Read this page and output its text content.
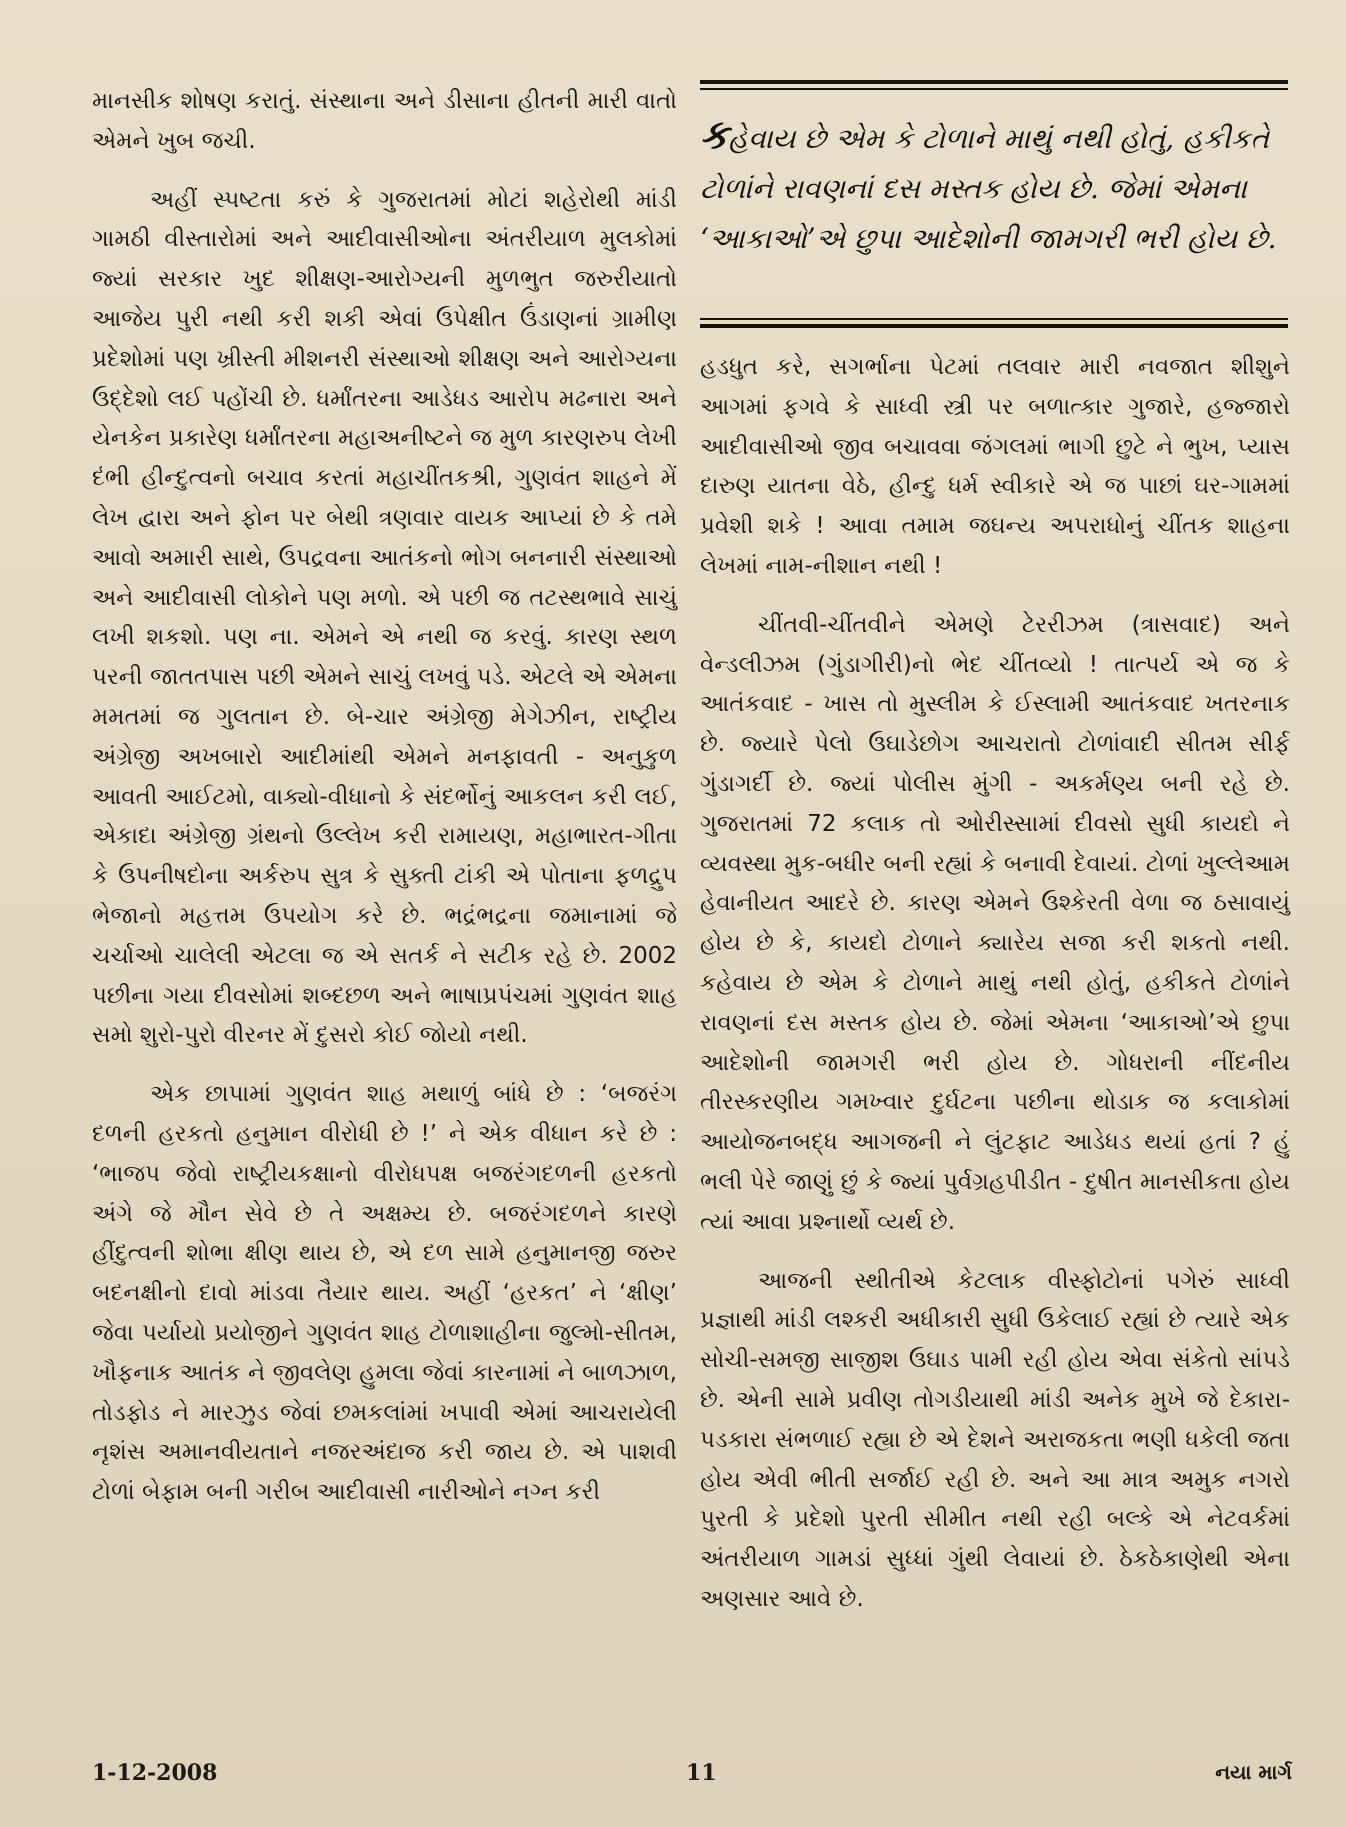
માનસીક શોષણ કરાતું. સંસ્થાના અને ડીસાના હીતની મારી વાતો એમને ખુબ જચી.

અહીં સ્પષ્ટતા કરું કે ગુજરાતમાં મોટાં શહેરોથી માંડી ગામઠી વીસ્તારોમાં અને આદીવાસીઓના અંતરીયાળ મુલકોમાં જ્યાં સરકાર ખુદ શીક્ષણ-આરોગ્યની મુળભુત જરુરીયાતો આજેય પુરી નથી કરી શકી એવાં ઉપેક્ષીત ઉંડાણનાં ગ્રામીણ પ્રદેશોમાં પણ ખ્રીસ્તી મીશનરી સંસ્થાઓ શીક્ષણ અને આરોગ્યના ઉદ્દેશો લઈ પહોંચી છે. ધર્માંતરના આડેધડ આરોપ મઢનારા અને યેનકેન પ્રકારેણ ધર્માંતરના મહાઅનીષ્ટને જ મુળ કારણરુપ લેખી દંભી હીન્દુત્વનો બચાવ કરતાં મહાચીંતકશ્રી, ગુણવંત શાહને મેં લેખ દ્વારા અને ફોન પર બેથી ત્રણવાર વાયક આપ્યાં છે કે તમે આવો અમારી સાથે, ઉપદ્રવના આતંકનો ભોગ બનનારી સંસ્થાઓ અને આદીવાસી લોકોને પણ મળો. એ પછી જ તટસ્થભાવે સાચું લખી શકશો. પણ ના. એમને એ નથી જ કરવું. કારણ સ્થળ પરની જાતતપાસ પછી એમને સાચું લખવું પડે. એટલે એ એમના મમતમાં જ ગુલતાન છે. બે-ચાર અંગ્રેજી મેગેઝીન, રાષ્ટ્રીય અંગ્રેજી અખબારો આદીમાંથી એમને મનફાવતી - અનુકુળ આવતી આઈટમો, વાક્યો-વીધાનો કે સંદર્ભોનું આકલન કરી લઈ, એકાદા અંગ્રેજી ગ્રંથનો ઉલ્લેખ કરી રામાયણ, મહાભારત-ગીતા કે ઉપનીષદોના અર્કરુપ સુત્ર કે સુક્તી ટાંકી એ પોતાના ફળદ્રુપ ભેજાનો મહત્તમ ઉપયોગ કરે છે. ભદ્રંભદ્રના જમાનામાં જે ચર્ચાઓ ચાલેલી એટલા જ એ સતર્ક ને સટીક રહે છે. 2002 પછીના ગયા દીવસોમાં શબ્દછળ અને ભાષાપ્રપંચમાં ગુણવંત શાહ સમો શુરો-પુરો વીરનર મેં દુસરો કોઈ જોયો નથી.

એક છાપામાં ગુણવંત શાહ મથાળું બાંધે છે : ‘બજરંગ દળની હરકતો હનુમાન વીરોધી છે !’ ને એક વીધાન કરે છે : ‘ભાજપ જેવો રાષ્ટ્રીયકક્ષાનો વીરોધપક્ષ બજરંગદળની હરકતો અંગે જે મૌન સેવે છે તે અક્ષમ્ય છે. બજરંગદળને કારણે હીંદુત્વની શોભા ક્ષીણ થાય છે, એ દળ સામે હનુમાનજી જરુર બદનક્ષીનો દાવો માંડવા તૈયાર થાય. અહીં ‘હરકત’ ને ‘ક્ષીણ’ જેવા પર્યાયો પ્રયોજીને ગુણવંત શાહ ટોળાશાહીના જુલ્મો-સીતમ, ખૌફનાક આતંક ને જીવલેણ હુમલા જેવાં કારનામાં ને બાળઝાળ, તોડફોડ ને મારઝુડ જેવાં છમકલાંમાં ખપાવી એમાં આચરાયેલી નૃશંસ અમાનવીયતાને નજરઅંદાજ કરી જાય છે. એ પાશવી ટોળાં બેફામ બની ગરીબ આદીવાસી નારીઓને નગ્ન કરી

કહેવાય છે એમ કે ટોળાને માથું નથી હોતું, હકીકતે ટોળાંને રાવણનાં દસ મસ્તક હોય છે. જેમાં એમના ‘આકાઓ’એ છુપા આદેશોની જામગરી ભરી હોય છે.

હડધુત કરે, સગર્ભાના પેટમાં તલવાર મારી નવજાત શીશુને આગમાં ફગવે કે સાધ્વી સ્ત્રી પર બળાત્કાર ગુજારે, હજ્જારો આદીવાસીઓ જીવ બચાવવા જંગલમાં ભાગી છુટે ને ભુખ, પ્યાસ દારુણ યાતના વેઠે, હીન્દુ ધર્મ સ્વીકારે એ જ પાછાં ઘર-ગામમાં પ્રવેશી શકે ! આવા તમામ જઘન્ય અપરાધોનું ચીંતક શાહના લેખમાં નામ-નીશાન નથી !

ચીંતવી-ચીંતવીને એમણે ટેરરીઝમ (ત્રાસવાદ) અને વેન્ડલીઝમ (ગુંડાગીરી)નો ભેદ ચીંતવ્યો ! તાત્પર્ય એ જ કે આતંકવાદ - ખાસ તો મુસ્લીમ કે ઈસ્લામી આતંકવાદ ખતરનાક છે. જ્યારે પેલો ઉઘાડેછોગ આચરાતો ટોળાંવાદી સીતમ સીર્ફ ગુંડાગર્દી છે. જ્યાં પોલીસ મુંગી - અકર્મણ્ય બની રહે છે. ગુજરાતમાં 72 કલાક તો ઓરીસ્સામાં દીવસો સુધી કાયદો ને વ્યવસ્થા મુક-બધીર બની રહ્યાં કે બનાવી દેવાયાં. ટોળાં ખુલ્લેઆમ હેવાનીયત આદરે છે. કારણ એમને ઉશ્કેરતી વેળા જ ઠસાવાયું હોય છે કે, કાયદો ટોળાને ક્યારેય સજા કરી શકતો નથી. કહેવાય છે એમ કે ટોળાને માથું નથી હોતું, હકીકતે ટોળાંને રાવણનાં દસ મસ્તક હોય છે. જેમાં એમના ‘આકાઓ’એ છુપા આદેશોની જામગરી ભરી હોય છે. ગોધરાની નીંદનીય તીરસ્કરણીય ગમખ્વાર દુર્ઘટના પછીના થોડાક જ કલાકોમાં આયોજનબદ્ધ આગજની ને લુંટફાટ આડેધડ થયાં હતાં ? હું ભલી પેરે જાણું છું કે જ્યાં પુર્વગ્રહપીડીત - દુષીત માનસીકતા હોય ત્યાં આવા પ્રશ્નાર્થો વ્યર્થ છે.

આજની સ્થીતીએ કેટલાક વીસ્ફોટોનાં પગેરું સાધ્વી પ્રજ્ઞાથી માંડી લશ્કરી અધીકારી સુધી ઉકેલાઈ રહ્યાં છે ત્યારે એક સોચી-સમજી સાજીશ ઉઘાડ પામી રહી હોય એવા સંકેતો સાંપડે છે. એની સામે પ્રવીણ તોગડીયાથી માંડી અનેક મુખે જે દેકારા-પડકારા સંભળાઈ રહ્યા છે એ દેશને અરાજકતા ભણી ધકેલી જતા હોય એવી ભીતી સર્જાઈ રહી છે. અને આ માત્ર અમુક નગરો પુરતી કે પ્રદેશો પુરતી સીમીત નથી રહી બલ્કે એ નેટવર્કમાં અંતરીયાળ ગામડાં સુધ્ધાં ગુંથી લેવાયાં છે. ઠેકઠેકાણેથી એના અણસાર આવે છે.

1-12-2008	11	નયા માર્ગ
